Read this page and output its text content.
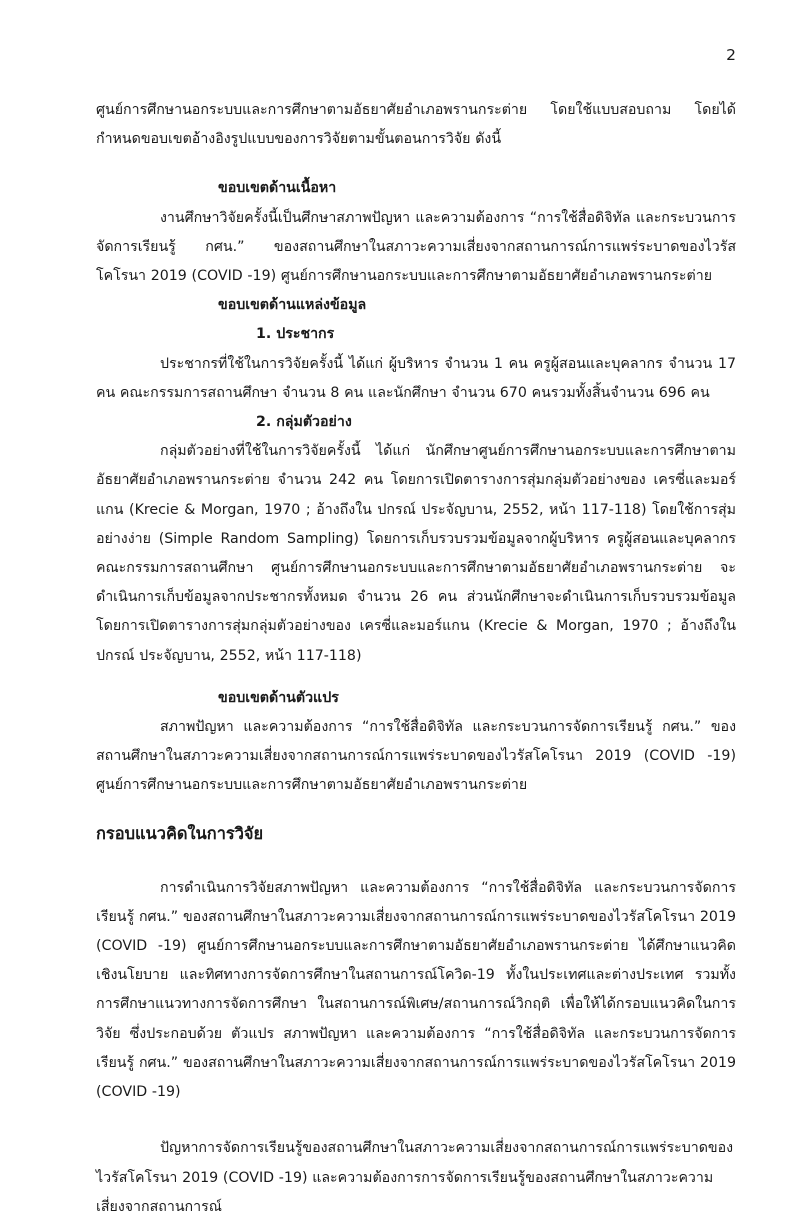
2

ศูนย์การศึกษานอกระบบและการศึกษาตามอัธยาศัยอำเภอพรานกระต่าย โดยใช้แบบสอบถาม โดยได้กำหนดขอบเขตอ้างอิงรูปแบบของการวิจัยตามขั้นตอนการวิจัย ดังนี้

ขอบเขตด้านเนื้อหา

งานศึกษาวิจัยครั้งนี้เป็นศึกษาสภาพปัญหา และความต้องการ “การใช้สื่อดิจิทัล และกระบวนการจัดการเรียนรู้ กศน.” ของสถานศึกษาในสภาวะความเสี่ยงจากสถานการณ์การแพร่ระบาดของไวรัสโคโรนา 2019 (COVID -19) ศูนย์การศึกษานอกระบบและการศึกษาตามอัธยาศัยอำเภอพรานกระต่าย

ขอบเขตด้านแหล่งข้อมูล

1. ประชากร

ประชากรที่ใช้ในการวิจัยครั้งนี้ ได้แก่ ผู้บริหาร จำนวน 1 คน ครูผู้สอนและบุคลากร จำนวน 17 คน คณะกรรมการสถานศึกษา จำนวน 8 คน และนักศึกษา จำนวน 670 คนรวมทั้งสิ้นจำนวน 696 คน

2. กลุ่มตัวอย่าง

กลุ่มตัวอย่างที่ใช้ในการวิจัยครั้งนี้ ได้แก่ นักศึกษาศูนย์การศึกษานอกระบบและการศึกษาตามอัธยาศัยอำเภอพรานกระต่าย จำนวน 242 คน โดยการเปิดตารางการสุ่มกลุ่มตัวอย่างของ เครซี่และมอร์แกน (Krecie & Morgan, 1970 ; อ้างถึงใน ปกรณ์ ประจัญบาน, 2552, หน้า 117-118) โดยใช้การสุ่มอย่างง่าย (Simple Random Sampling) โดยการเก็บรวบรวมข้อมูลจากผู้บริหาร ครูผู้สอนและบุคลากร คณะกรรมการสถานศึกษา ศูนย์การศึกษานอกระบบและการศึกษาตามอัธยาศัยอำเภอพรานกระต่าย จะดำเนินการเก็บข้อมูลจากประชากรทั้งหมด จำนวน 26 คน ส่วนนักศึกษาจะดำเนินการเก็บรวบรวมข้อมูลโดยการเปิดตารางการสุ่มกลุ่มตัวอย่างของ เครซี่และมอร์แกน (Krecie & Morgan, 1970 ; อ้างถึงใน ปกรณ์ ประจัญบาน, 2552, หน้า 117-118)

ขอบเขตด้านตัวแปร

สภาพปัญหา และความต้องการ “การใช้สื่อดิจิทัล และกระบวนการจัดการเรียนรู้ กศน.” ของสถานศึกษาในสภาวะความเสี่ยงจากสถานการณ์การแพร่ระบาดของไวรัสโคโรนา 2019 (COVID -19) ศูนย์การศึกษานอกระบบและการศึกษาตามอัธยาศัยอำเภอพรานกระต่าย

กรอบแนวคิดในการวิจัย

การดำเนินการวิจัยสภาพปัญหา และความต้องการ “การใช้สื่อดิจิทัล และกระบวนการจัดการเรียนรู้ กศน.” ของสถานศึกษาในสภาวะความเสี่ยงจากสถานการณ์การแพร่ระบาดของไวรัสโคโรนา 2019 (COVID -19) ศูนย์การศึกษานอกระบบและการศึกษาตามอัธยาศัยอำเภอพรานกระต่าย ได้ศึกษาแนวคิดเชิงนโยบาย และทิศทางการจัดการศึกษาในสถานการณ์โควิด-19 ทั้งในประเทศและต่างประเทศ รวมทั้งการศึกษาแนวทางการจัดการศึกษา ในสถานการณ์พิเศษ/สถานการณ์วิกฤติ เพื่อให้ได้กรอบแนวคิดในการวิจัย ซึ่งประกอบด้วย ตัวแปร สภาพปัญหา และความต้องการ “การใช้สื่อดิจิทัล และกระบวนการจัดการเรียนรู้ กศน.” ของสถานศึกษาในสภาวะความเสี่ยงจากสถานการณ์การแพร่ระบาดของไวรัสโคโรนา 2019 (COVID -19)

ปัญหาการจัดการเรียนรู้ของสถานศึกษาในสภาวะความเสี่ยงจากสถานการณ์การแพร่ระบาดของไวรัสโคโรนา 2019 (COVID -19) และความต้องการการจัดการเรียนรู้ของสถานศึกษาในสภาวะความเสี่ยงจากสถานการณ์
